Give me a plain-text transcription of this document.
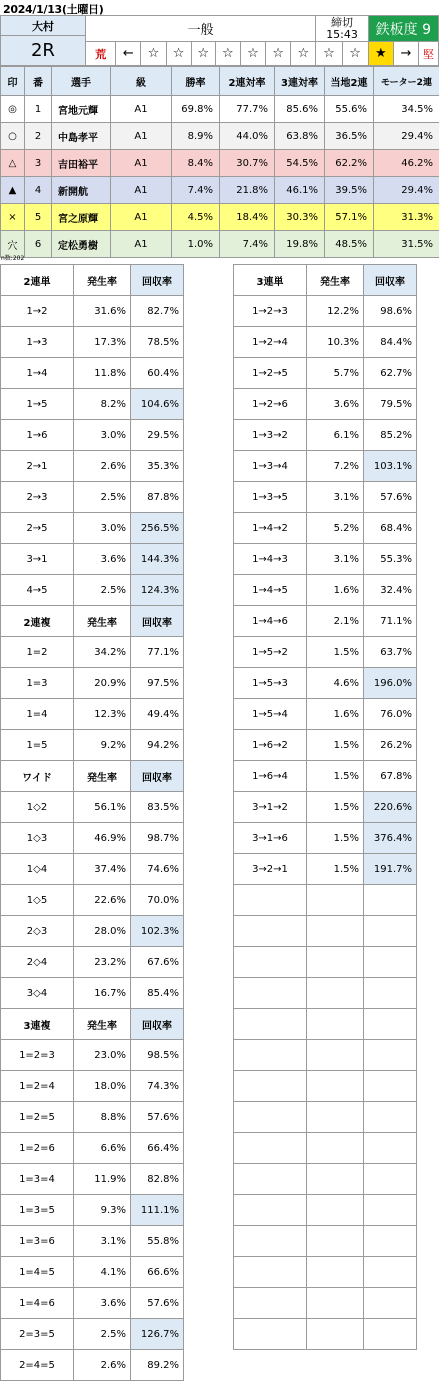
2024/1/13(土曜日)
大村	一般									締切
15:43		鉄板度 9		
2R														
	荒	←	☆	☆	☆	☆	☆	☆	☆	☆	☆	★	→	堅
印	番	選手	級	勝率	2連対率	3連対率	当地2連	モーター2連
◎	1	宮地元輝	A1	69.8%	77.7%	85.6%	55.6%	34.5%
○	2	中島孝平	A1	8.9%	44.0%	63.8%	36.5%	29.4%
△	3	吉田裕平	A1	8.4%	30.7%	54.5%	62.2%	46.2%
▲	4	新開航	A1	7.4%	21.8%	46.1%	39.5%	29.4%
×	5	宮之原輝	A1	4.5%	18.4%	30.3%	57.1%	31.3%
穴	6	定松勇樹	A1	1.0%	7.4%	19.8%	48.5%	31.5%
n数:202
2連単	発生率	回収率
1→2	31.6%	82.7%
1→3	17.3%	78.5%
1→4	11.8%	60.4%
1→5	8.2%	104.6%
1→6	3.0%	29.5%
2→1	2.6%	35.3%
2→3	2.5%	87.8%
2→5	3.0%	256.5%
3→1	3.6%	144.3%
4→5	2.5%	124.3%
2連複	発生率	回収率
1=2	34.2%	77.1%
1=3	20.9%	97.5%
1=4	12.3%	49.4%
1=5	9.2%	94.2%
ワイド	発生率	回収率
1◇2	56.1%	83.5%
1◇3	46.9%	98.7%
1◇4	37.4%	74.6%
1◇5	22.6%	70.0%
2◇3	28.0%	102.3%
2◇4	23.2%	67.6%
3◇4	16.7%	85.4%
3連複	発生率	回収率
1=2=3	23.0%	98.5%
1=2=4	18.0%	74.3%
1=2=5	8.8%	57.6%
1=2=6	6.6%	66.4%
1=3=4	11.9%	82.8%
1=3=5	9.3%	111.1%
1=3=6	3.1%	55.8%
1=4=5	4.1%	66.6%
1=4=6	3.6%	57.6%
2=3=5	2.5%	126.7%
2=4=5	2.6%	89.2%
3連単	発生率	回収率
1→2→3	12.2%	98.6%
1→2→4	10.3%	84.4%
1→2→5	5.7%	62.7%
1→2→6	3.6%	79.5%
1→3→2	6.1%	85.2%
1→3→4	7.2%	103.1%
1→3→5	3.1%	57.6%
1→4→2	5.2%	68.4%
1→4→3	3.1%	55.3%
1→4→5	1.6%	32.4%
1→4→6	2.1%	71.1%
1→5→2	1.5%	63.7%
1→5→3	4.6%	196.0%
1→5→4	1.6%	76.0%
1→6→2	1.5%	26.2%
1→6→4	1.5%	67.8%
3→1→2	1.5%	220.6%
3→1→6	1.5%	376.4%
3→2→1	1.5%	191.7%
